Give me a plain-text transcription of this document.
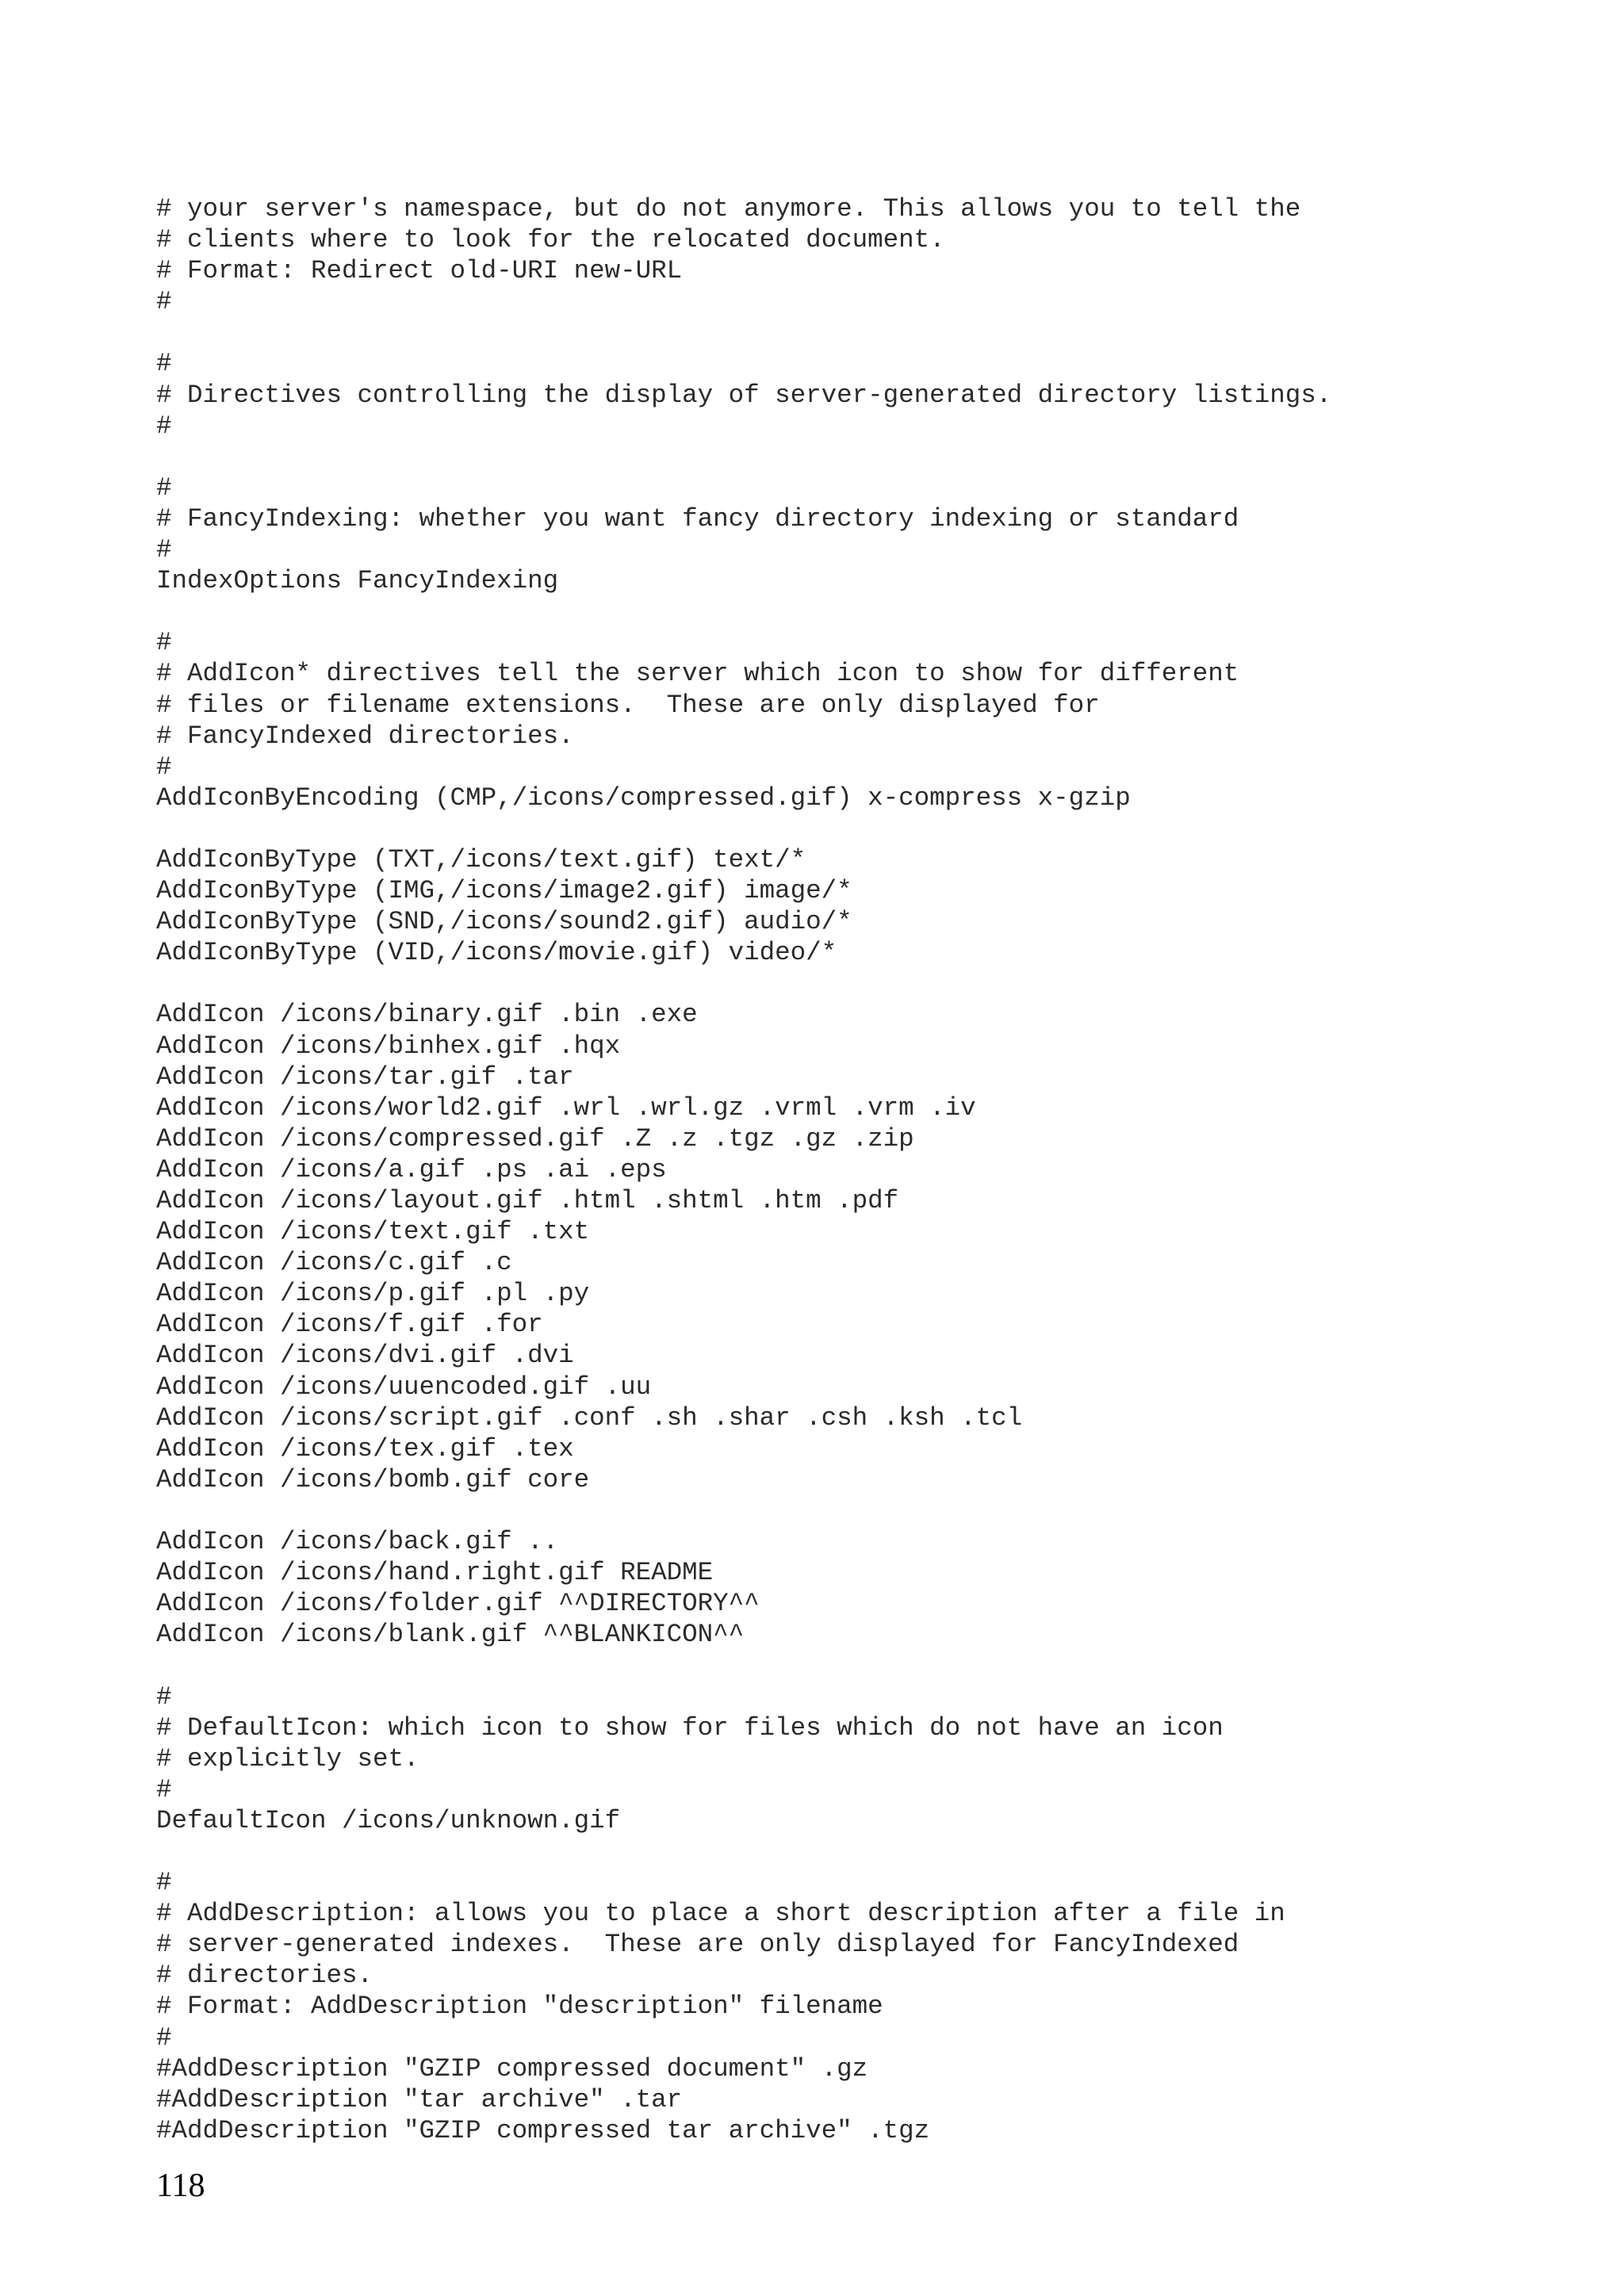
# your server's namespace, but do not anymore. This allows you to tell the
# clients where to look for the relocated document.
# Format: Redirect old-URI new-URL
#
#
# Directives controlling the display of server-generated directory listings.
#
#
# FancyIndexing: whether you want fancy directory indexing or standard
#
IndexOptions FancyIndexing
#
# AddIcon* directives tell the server which icon to show for different
# files or filename extensions.  These are only displayed for
# FancyIndexed directories.
#
AddIconByEncoding (CMP,/icons/compressed.gif) x-compress x-gzip
AddIconByType (TXT,/icons/text.gif) text/*
AddIconByType (IMG,/icons/image2.gif) image/*
AddIconByType (SND,/icons/sound2.gif) audio/*
AddIconByType (VID,/icons/movie.gif) video/*
AddIcon /icons/binary.gif .bin .exe
AddIcon /icons/binhex.gif .hqx
AddIcon /icons/tar.gif .tar
AddIcon /icons/world2.gif .wrl .wrl.gz .vrml .vrm .iv
AddIcon /icons/compressed.gif .Z .z .tgz .gz .zip
AddIcon /icons/a.gif .ps .ai .eps
AddIcon /icons/layout.gif .html .shtml .htm .pdf
AddIcon /icons/text.gif .txt
AddIcon /icons/c.gif .c
AddIcon /icons/p.gif .pl .py
AddIcon /icons/f.gif .for
AddIcon /icons/dvi.gif .dvi
AddIcon /icons/uuencoded.gif .uu
AddIcon /icons/script.gif .conf .sh .shar .csh .ksh .tcl
AddIcon /icons/tex.gif .tex
AddIcon /icons/bomb.gif core
AddIcon /icons/back.gif ..
AddIcon /icons/hand.right.gif README
AddIcon /icons/folder.gif ^^DIRECTORY^^
AddIcon /icons/blank.gif ^^BLANKICON^^
#
# DefaultIcon: which icon to show for files which do not have an icon
# explicitly set.
#
DefaultIcon /icons/unknown.gif
#
# AddDescription: allows you to place a short description after a file in
# server-generated indexes.  These are only displayed for FancyIndexed
# directories.
# Format: AddDescription "description" filename
#
#AddDescription "GZIP compressed document" .gz
#AddDescription "tar archive" .tar
#AddDescription "GZIP compressed tar archive" .tgz
118
